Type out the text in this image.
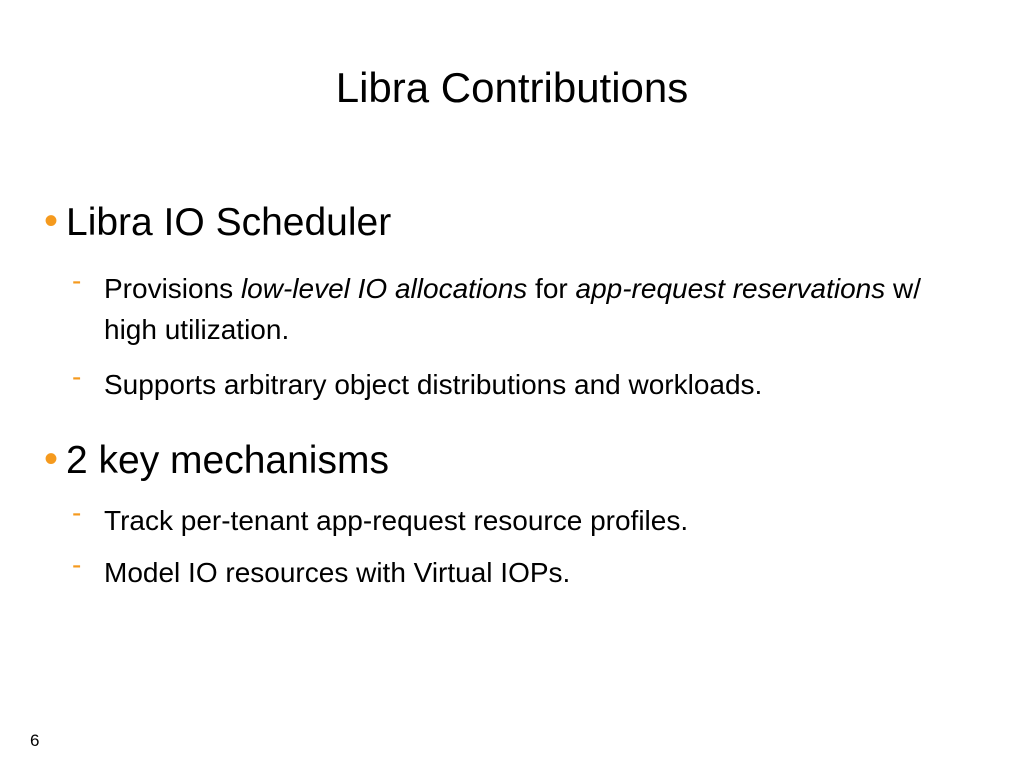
Libra Contributions
• Libra IO Scheduler
- Provisions low-level IO allocations for app-request reservations w/ high utilization.
- Supports arbitrary object distributions and workloads.
• 2 key mechanisms
- Track per-tenant app-request resource profiles.
- Model IO resources with Virtual IOPs.
6
